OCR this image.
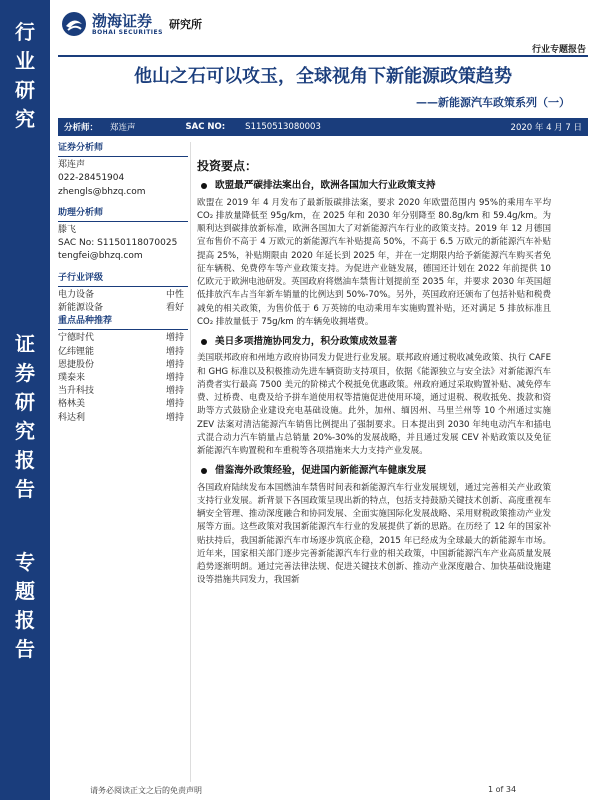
行
业
研
究
证
券
研
究
报
告
专
题
报
告
渤海证券
BOHAI SECURITIES
研究所
行业专题报告
他山之石可以攻玉，全球视角下新能源政策趋势
——新能源汽车政策系列（一）
分析师： 郑连声	SAC NO: S1150513080003	2020 年 4 月 7 日
证券分析师
郑连声
022-28451904
zhengls@bhzq.com
助理分析师
滕飞
SAC No: S1150118070025
tengfei@bhzq.com
子行业评级
电力设备	中性
新能源设备	看好
重点品种推荐
宁德时代	增持
亿纬锂能	增持
恩捷股份	增持
璞泰来	增持
当升科技	增持
格林美	增持
科达利	增持
投资要点：
欧盟最严碳排法案出台，欧洲各国加大行业政策支持
欧盟在 2019 年 4 月发布了最新版碳排法案，要求 2020 年欧盟范围内 95%的乘用车平均 CO₂ 排放量降低至 95g/km，在 2025 年和 2030 年分别降至 80.8g/km 和 59.4g/km。为顺利达到碳排放新标准，欧洲各国加大了对新能源汽车行业的政策支持。2019 年 12 月德国宣布售价不高于 4 万欧元的新能源汽车补贴提高 50%，不高于 6.5 万欧元的新能源汽车补贴提高 25%，补贴期限由 2020 年延长到 2025 年，并在一定期限内给予新能源汽车购买者免征车辆税、免费停车等产业政策支持。为促进产业链发展，德国还计划在 2022 年前提供 10 亿欧元于欧洲电池研发。英国政府将燃油车禁售计划提前至 2035 年，并要求 2030 年英国超低排放汽车占当年新车销量的比例达到 50%-70%。另外，英国政府还颁布了包括补贴和税费减免的相关政策，为售价低于 6 万英镑的电动乘用车实施购置补贴，还对满足 5 排放标准且 CO₂ 排放量低于 75g/km 的车辆免收拥堵费。
美日多项措施协同发力，积分政策成效显著
美国联邦政府和州地方政府协同发力促进行业发展。联邦政府通过税收减免政策、执行 CAFE 和 GHG 标准以及积极推动先进车辆资助支持项目，依据《能源独立与安全法》对新能源汽车消费者实行最高 7500 美元的阶梯式个税抵免优惠政策。州政府通过采取购置补贴、减免停车费、过桥费、电费及给予拼车道使用权等措施促进使用环境，通过退税、税收抵免、拨款和资助等方式鼓励企业建设充电基础设施。此外，加州、缅因州、马里兰州等 10 个州通过实施 ZEV 法案对清洁能源汽车销售比例提出了强制要求。日本提出到 2030 年纯电动汽车和插电式混合动力汽车销量占总销量 20%-30%的发展战略，并且通过发展 CEV 补贴政策以及免征新能源汽车购置税和车重税等各项措施来大力支持产业发展。
借鉴海外政策经验，促进国内新能源汽车健康发展
各国政府陆续发布本国燃油车禁售时间表和新能源汽车行业发展规划，通过完善相关产业政策支持行业发展。新背景下各国政策呈现出新的特点，包括支持鼓励关键技术创新、高度重视车辆安全管理、推动深度融合和协同发展、全面实施国际化发展战略、采用财税政策推动产业发展等方面。这些政策对我国新能源汽车行业的发展提供了新的思路。在历经了 12 年的国家补贴扶持后，我国新能源汽车市场逐步筑底企稳，2015 年已经成为全球最大的新能源车市场。近年来，国家相关部门逐步完善新能源汽车行业的相关政策，中国新能源汽车产业高质量发展趋势逐渐明朗。通过完善法律法规、促进关键技术创新、推动产业深度融合、加快基础设施建设等措施共同发力，我国新
请务必阅读正文之后的免责声明	1 of 34
